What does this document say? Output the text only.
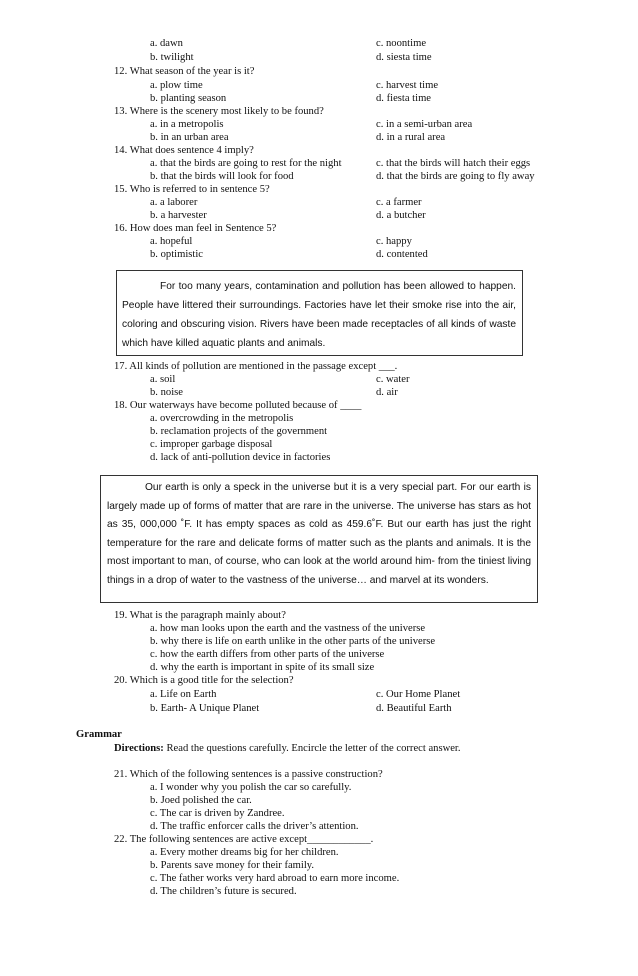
a. dawn	c. noontime
b. twilight	d. siesta time
12. What season of the year is it?
a. plow time	c. harvest time
b. planting season	d. fiesta time
13. Where is the scenery most likely to be found?
a. in a metropolis	c. in a semi-urban area
b. in an urban area	d. in a rural area
14. What does sentence 4 imply?
a. that the birds are going to rest for the night	c. that the birds will hatch their eggs
b. that the birds will look for food	d. that the birds are going to fly away
15. Who is referred to in sentence 5?
a. a laborer	c. a farmer
b. a harvester	d. a butcher
16. How does man feel in Sentence 5?
a. hopeful	c. happy
b. optimistic	d. contented
For too many years, contamination and pollution has been allowed to happen. People have littered their surroundings. Factories have let their smoke rise into the air, coloring and obscuring vision. Rivers have been made receptacles of all kinds of waste which have killed aquatic plants and animals.
17. All kinds of pollution are mentioned in the passage except ___.
a. soil	c. water
b. noise	d. air
18. Our waterways have become polluted because of ____
a. overcrowding in the metropolis
b. reclamation projects of the government
c. improper garbage disposal
d. lack of anti-pollution device in factories
Our earth is only a speck in the universe but it is a very special part. For our earth is largely made up of forms of matter that are rare in the universe. The universe has stars as hot as 35, 000,000 ˚F. It has empty spaces as cold as 459.6˚F. But our earth has just the right temperature for the rare and delicate forms of matter such as the plants and animals. It is the most important to man, of course, who can look at the world around him- from the tiniest living things in a drop of water to the vastness of the universe… and marvel at its wonders.
19. What is the paragraph mainly about?
a. how man looks upon the earth and the vastness of the universe
b. why there is life on earth unlike in the other parts of the universe
c. how the earth differs from other parts of the universe
d. why the earth is important in spite of its small size
20. Which is a good title for the selection?
a. Life on Earth	c. Our Home Planet
b. Earth- A Unique Planet	d. Beautiful Earth
Grammar
Directions: Read the questions carefully. Encircle the letter of the correct answer.
21. Which of the following sentences is a passive construction?
a. I wonder why you polish the car so carefully.
b. Joed polished the car.
c. The car is driven by Zandree.
d. The traffic enforcer calls the driver’s attention.
22. The following sentences are active except____________.
a. Every mother dreams big for her children.
b. Parents save money for their family.
c. The father works very hard abroad to earn more income.
d. The children’s future is secured.
